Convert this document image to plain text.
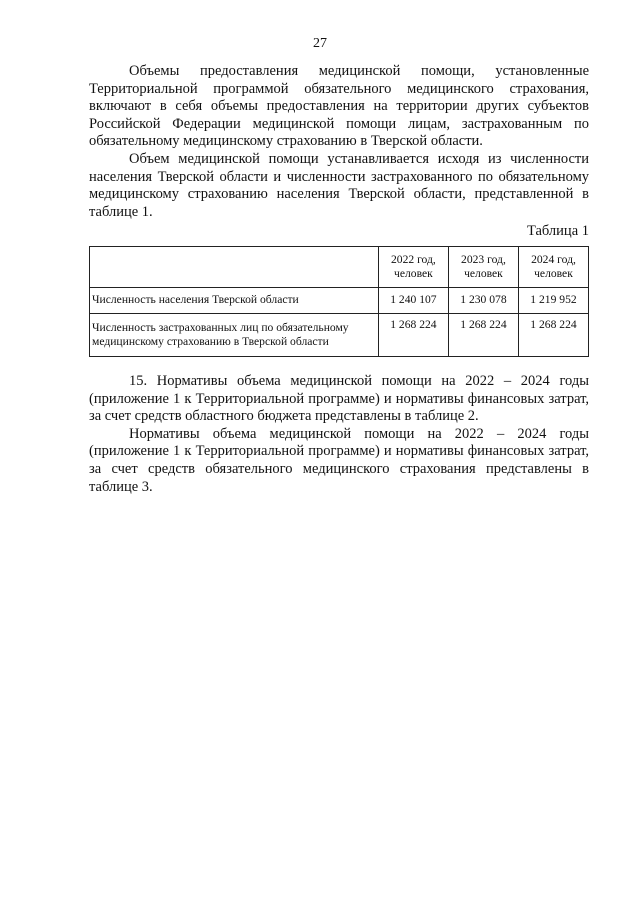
27

Объемы предоставления медицинской помощи, установленные Территориальной программой обязательного медицинского страхования, включают в себя объемы предоставления на территории других субъектов Российской Федерации медицинской помощи лицам, застрахованным по обязательному медицинскому страхованию в Тверской области.

Объем медицинской помощи устанавливается исходя из численности населения Тверской области и численности застрахованного по обязательному медицинскому страхованию населения Тверской области, представленной в таблице 1.

Таблица 1
	2022 год, человек	2023 год, человек	2024 год, человек
Численность населения Тверской области	1 240 107	1 230 078	1 219 952
Численность застрахованных лиц по обязательному медицинскому страхованию в Тверской области	1 268 224	1 268 224	1 268 224

15. Нормативы объема медицинской помощи на 2022 – 2024 годы (приложение 1 к Территориальной программе) и нормативы финансовых затрат, за счет средств областного бюджета представлены в таблице 2.

Нормативы объема медицинской помощи на 2022 – 2024 годы (приложение 1 к Территориальной программе) и нормативы финансовых затрат, за счет средств обязательного медицинского страхования представлены в таблице 3.
